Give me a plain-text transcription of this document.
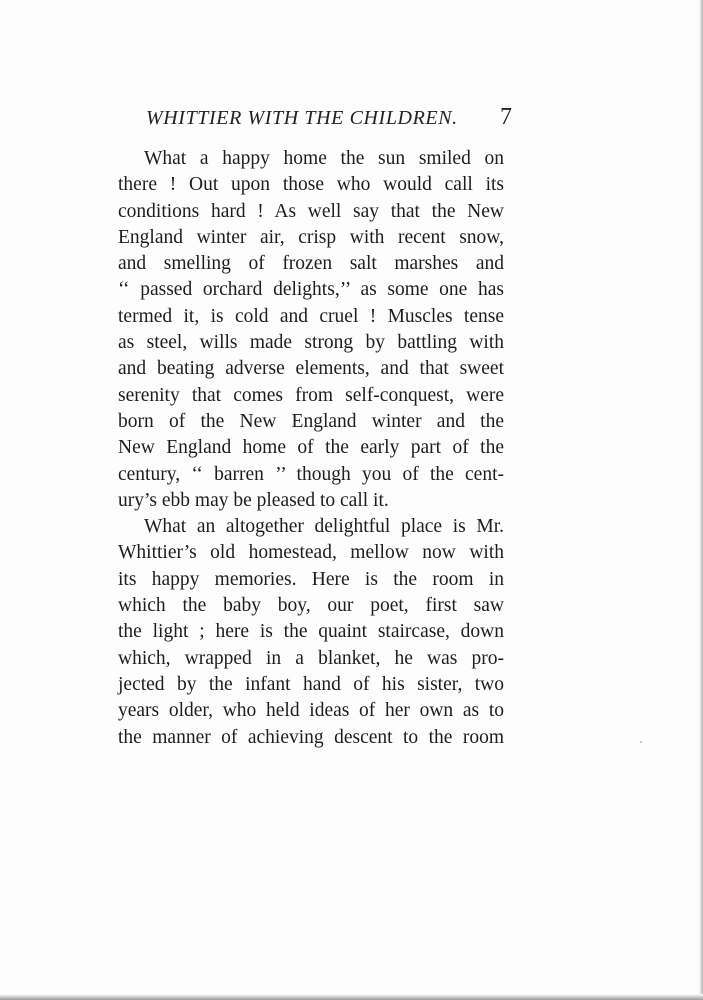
WHITTIER WITH THE CHILDREN. 7
What a happy home the sun smiled on
there ! Out upon those who would call its
conditions hard ! As well say that the New
England winter air, crisp with recent snow,
and smelling of frozen salt marshes and
‘‘ passed orchard delights,’’ as some one has
termed it, is cold and cruel ! Muscles tense
as steel, wills made strong by battling with
and beating adverse elements, and that sweet
serenity that comes from self-conquest, were
born of the New England winter and the
New England home of the early part of the
century, ‘‘ barren ’’ though you of the cent-
ury’s ebb may be pleased to call it.
What an altogether delightful place is Mr.
Whittier’s old homestead, mellow now with
its happy memories. Here is the room in
which the baby boy, our poet, first saw
the light ; here is the quaint staircase, down
which, wrapped in a blanket, he was pro-
jected by the infant hand of his sister, two
years older, who held ideas of her own as to
the manner of achieving descent to the room
